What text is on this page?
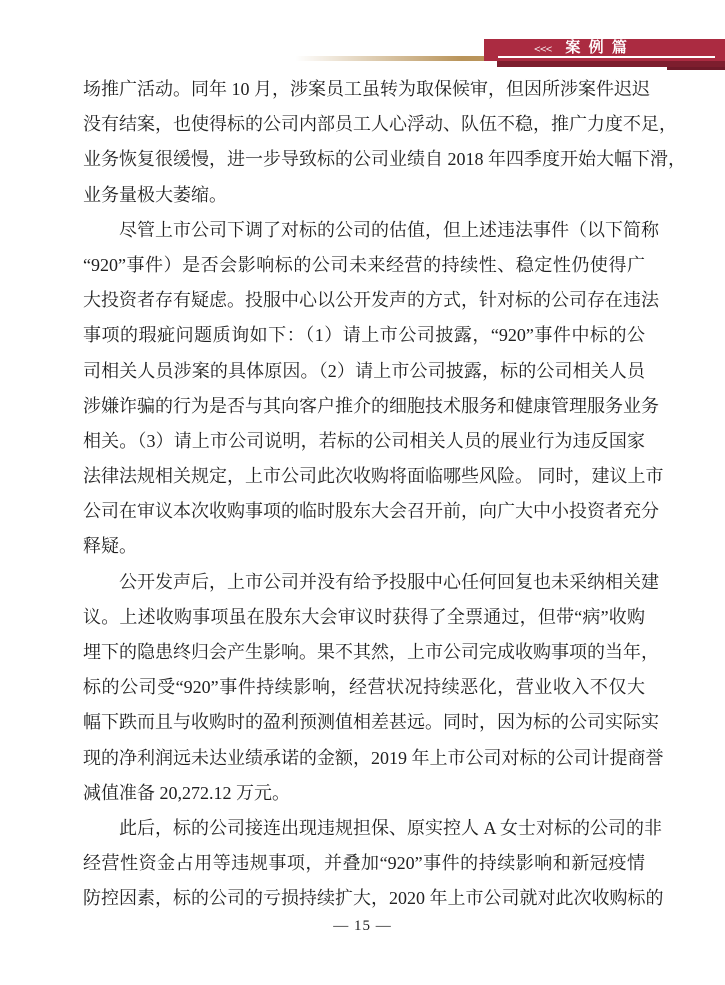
<<< 案例篇
场推广活动。同年 10 月，涉案员工虽转为取保候审，但因所涉案件迟迟
没有结案，也使得标的公司内部员工人心浮动、队伍不稳，推广力度不足，
业务恢复很缓慢，进一步导致标的公司业绩自 2018 年四季度开始大幅下滑，
业务量极大萎缩。
尽管上市公司下调了对标的公司的估值，但上述违法事件（以下简称
“920”事件）是否会影响标的公司未来经营的持续性、稳定性仍使得广
大投资者存有疑虑。投服中心以公开发声的方式，针对标的公司存在违法
事项的瑕疵问题质询如下：（1）请上市公司披露，“920”事件中标的公
司相关人员涉案的具体原因。（2）请上市公司披露，标的公司相关人员
涉嫌诈骗的行为是否与其向客户推介的细胞技术服务和健康管理服务业务
相关。（3）请上市公司说明，若标的公司相关人员的展业行为违反国家
法律法规相关规定，上市公司此次收购将面临哪些风险。 同时，建议上市
公司在审议本次收购事项的临时股东大会召开前，向广大中小投资者充分
释疑。
公开发声后，上市公司并没有给予投服中心任何回复也未采纳相关建
议。上述收购事项虽在股东大会审议时获得了全票通过，但带“病”收购
埋下的隐患终归会产生影响。果不其然，上市公司完成收购事项的当年，
标的公司受“920”事件持续影响，经营状况持续恶化，营业收入不仅大
幅下跌而且与收购时的盈利预测值相差甚远。同时，因为标的公司实际实
现的净利润远未达业绩承诺的金额，2019 年上市公司对标的公司计提商誉
减值准备 20,272.12 万元。
此后，标的公司接连出现违规担保、原实控人 A 女士对标的公司的非
经营性资金占用等违规事项，并叠加“920”事件的持续影响和新冠疫情
防控因素，标的公司的亏损持续扩大，2020 年上市公司就对此次收购标的
— 15 —
